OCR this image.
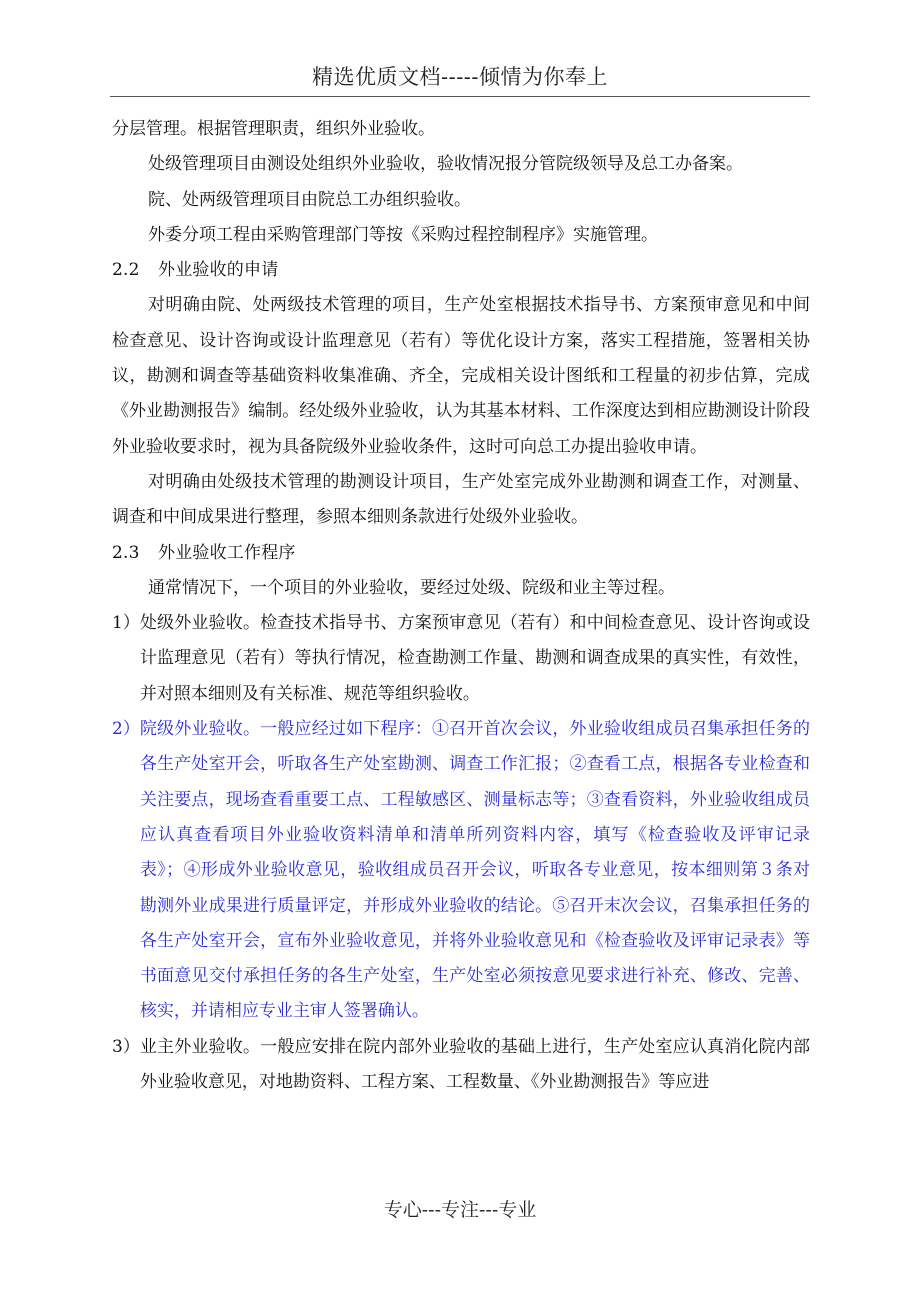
精选优质文档-----倾情为你奉上

分层管理。根据管理职责，组织外业验收。

处级管理项目由测设处组织外业验收，验收情况报分管院级领导及总工办备案。

院、处两级管理项目由院总工办组织验收。

外委分项工程由采购管理部门等按《采购过程控制程序》实施管理。

2.2 外业验收的申请

对明确由院、处两级技术管理的项目，生产处室根据技术指导书、方案预审意见和中间检查意见、设计咨询或设计监理意见（若有）等优化设计方案，落实工程措施，签署相关协议，勘测和调查等基础资料收集准确、齐全，完成相关设计图纸和工程量的初步估算，完成《外业勘测报告》编制。经处级外业验收，认为其基本材料、工作深度达到相应勘测设计阶段外业验收要求时，视为具备院级外业验收条件，这时可向总工办提出验收申请。

对明确由处级技术管理的勘测设计项目，生产处室完成外业勘测和调查工作，对测量、调查和中间成果进行整理，参照本细则条款进行处级外业验收。

2.3 外业验收工作程序

通常情况下，一个项目的外业验收，要经过处级、院级和业主等过程。

1） 处级外业验收。检查技术指导书、方案预审意见（若有）和中间检查意见、设计咨询或设计监理意见（若有）等执行情况，检查勘测工作量、勘测和调查成果的真实性，有效性，并对照本细则及有关标准、规范等组织验收。
2） 院级外业验收。一般应经过如下程序：①召开首次会议，外业验收组成员召集承担任务的各生产处室开会，听取各生产处室勘测、调查工作汇报；②查看工点，根据各专业检查和关注要点，现场查看重要工点、工程敏感区、测量标志等；③查看资料，外业验收组成员应认真查看项目外业验收资料清单和清单所列资料内容，填写《检查验收及评审记录表》；④形成外业验收意见，验收组成员召开会议，听取各专业意见，按本细则第３条对勘测外业成果进行质量评定，并形成外业验收的结论。⑤召开末次会议，召集承担任务的各生产处室开会，宣布外业验收意见，并将外业验收意见和《检查验收及评审记录表》等书面意见交付承担任务的各生产处室，生产处室必须按意见要求进行补充、修改、完善、核实，并请相应专业主审人签署确认。
3） 业主外业验收。一般应安排在院内部外业验收的基础上进行，生产处室应认真消化院内部外业验收意见，对地勘资料、工程方案、工程数量、《外业勘测报告》等应进
专心---专注---专业
